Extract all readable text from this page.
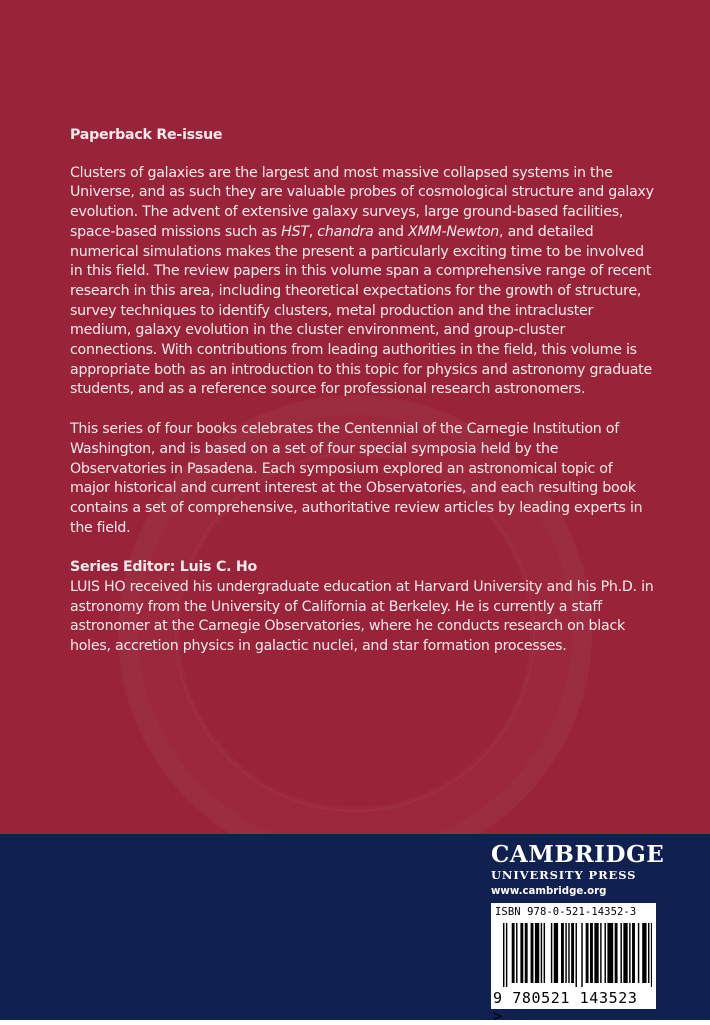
Paperback Re-issue

Clusters of galaxies are the largest and most massive collapsed systems in the Universe, and as such they are valuable probes of cosmological structure and galaxy evolution. The advent of extensive galaxy surveys, large ground-based facilities, space-based missions such as HST, chandra and XMM-Newton, and detailed numerical simulations makes the present a particularly exciting time to be involved in this field. The review papers in this volume span a comprehensive range of recent research in this area, including theoretical expectations for the growth of structure, survey techniques to identify clusters, metal production and the intracluster medium, galaxy evolution in the cluster environment, and group-cluster connections. With contributions from leading authorities in the field, this volume is appropriate both as an introduction to this topic for physics and astronomy graduate students, and as a reference source for professional research astronomers.

This series of four books celebrates the Centennial of the Carnegie Institution of Washington, and is based on a set of four special symposia held by the Observatories in Pasadena. Each symposium explored an astronomical topic of major historical and current interest at the Observatories, and each resulting book contains a set of comprehensive, authoritative review articles by leading experts in the field.

Series Editor: Luis C. Ho

LUIS HO received his undergraduate education at Harvard University and his Ph.D. in astronomy from the University of California at Berkeley. He is currently a staff astronomer at the Carnegie Observatories, where he conducts research on black holes, accretion physics in galactic nuclei, and star formation processes.

CAMBRIDGE
UNIVERSITY PRESS
www.cambridge.org
ISBN 978-0-521-14352-3
9 780521 143523 >
